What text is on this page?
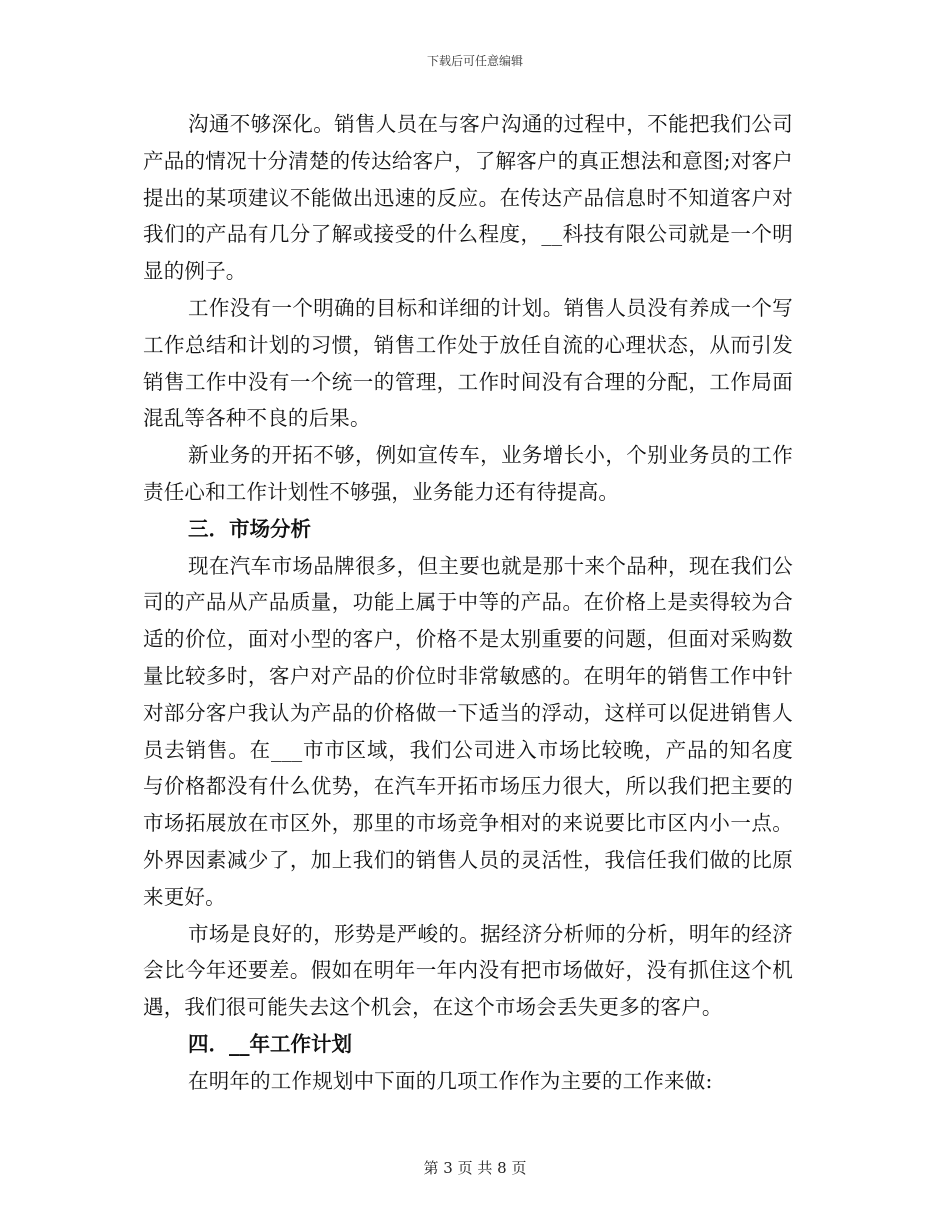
下载后可任意编辑

沟通不够深化。销售人员在与客户沟通的过程中，不能把我们公司产品的情况十分清楚的传达给客户，了解客户的真正想法和意图;对客户提出的某项建议不能做出迅速的反应。在传达产品信息时不知道客户对我们的产品有几分了解或接受的什么程度，__科技有限公司就是一个明显的例子。

工作没有一个明确的目标和详细的计划。销售人员没有养成一个写工作总结和计划的习惯，销售工作处于放任自流的心理状态，从而引发销售工作中没有一个统一的管理，工作时间没有合理的分配，工作局面混乱等各种不良的后果。

新业务的开拓不够，例如宣传车，业务增长小，个别业务员的工作责任心和工作计划性不够强，业务能力还有待提高。

三．市场分析

现在汽车市场品牌很多，但主要也就是那十来个品种，现在我们公司的产品从产品质量，功能上属于中等的产品。在价格上是卖得较为合适的价位，面对小型的客户，价格不是太别重要的问题，但面对采购数量比较多时，客户对产品的价位时非常敏感的。在明年的销售工作中针对部分客户我认为产品的价格做一下适当的浮动，这样可以促进销售人员去销售。在___市市区域，我们公司进入市场比较晚，产品的知名度与价格都没有什么优势，在汽车开拓市场压力很大，所以我们把主要的市场拓展放在市区外，那里的市场竞争相对的来说要比市区内小一点。外界因素减少了，加上我们的销售人员的灵活性，我信任我们做的比原来更好。

市场是良好的，形势是严峻的。据经济分析师的分析，明年的经济会比今年还要差。假如在明年一年内没有把市场做好，没有抓住这个机遇，我们很可能失去这个机会，在这个市场会丢失更多的客户。

四．__年工作计划

在明年的工作规划中下面的几项工作作为主要的工作来做:

第 3 页 共 8 页
